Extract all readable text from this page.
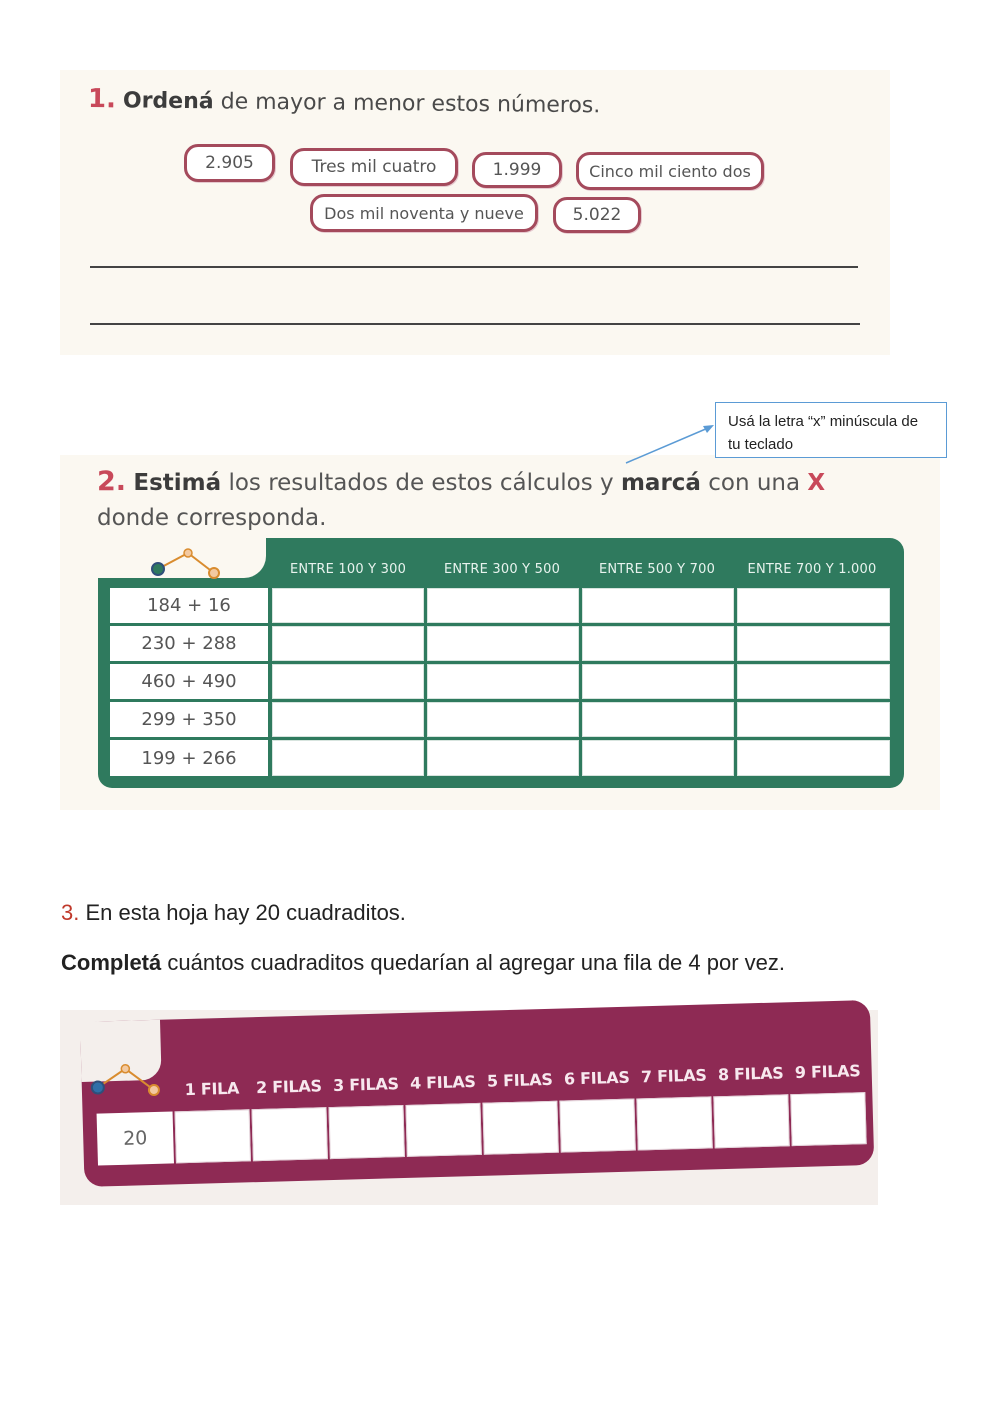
1. Ordená de mayor a menor estos números.
2.905	Tres mil cuatro	1.999	Cinco mil ciento dos
Dos mil noventa y nueve	5.022
Usá la letra “x” minúscula de tu teclado
2. Estimá los resultados de estos cálculos y marcá con una X donde corresponda.
ENTRE 100 Y 300	ENTRE 300 Y 500	ENTRE 500 Y 700	ENTRE 700 Y 1.000
184 + 16
230 + 288
460 + 490
299 + 350
199 + 266
3. En esta hoja hay 20 cuadraditos.
Completá cuántos cuadraditos quedarían al agregar una fila de 4 por vez.
1 FILA	2 FILAS 3 FILAS 4 FILAS 5 FILAS 6 FILAS 7 FILAS 8 FILAS 9 FILAS
20
